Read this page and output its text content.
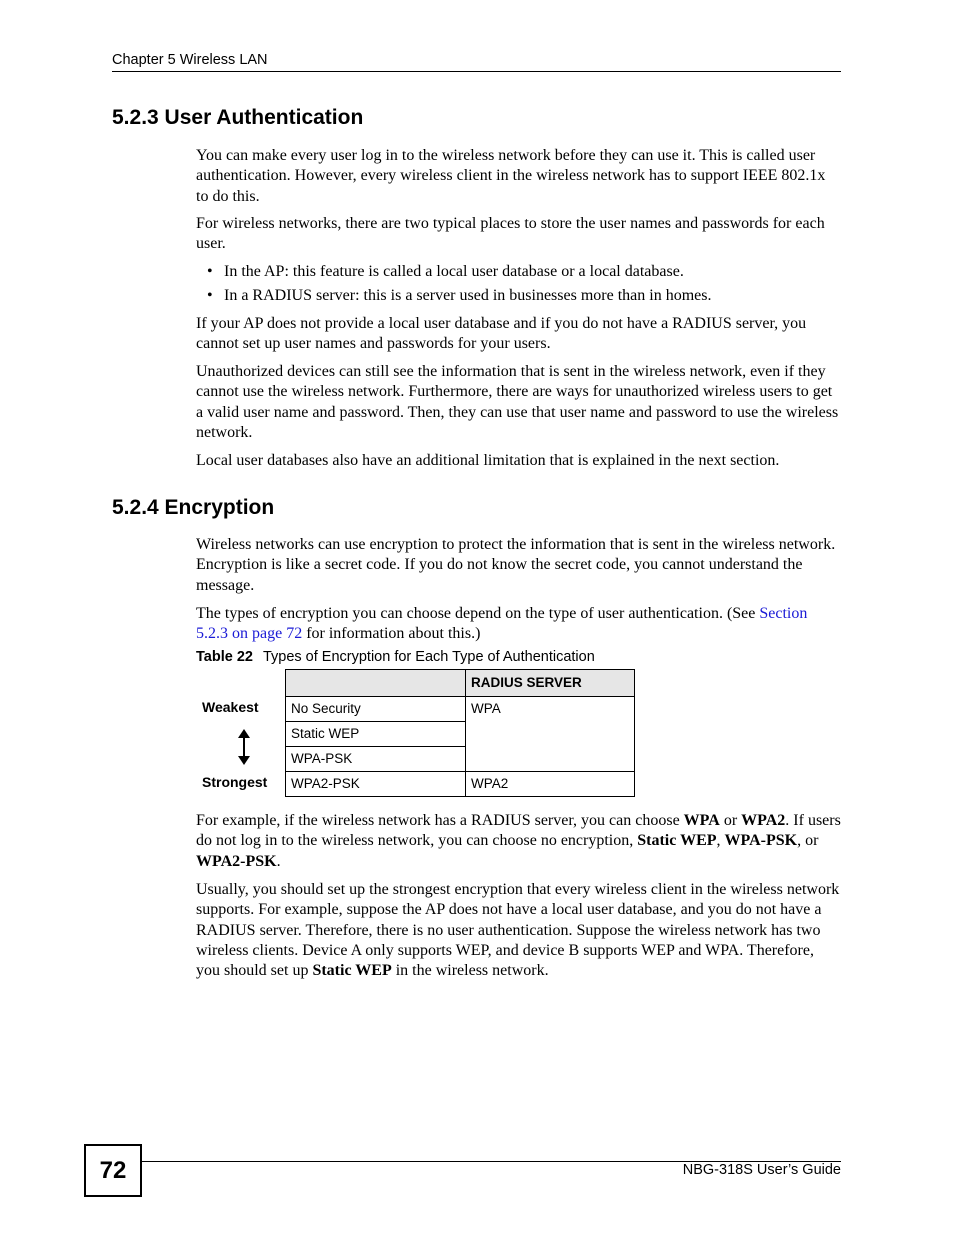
Chapter 5 Wireless LAN
5.2.3 User Authentication

You can make every user log in to the wireless network before they can use it. This is called user authentication. However, every wireless client in the wireless network has to support IEEE 802.1x to do this.

For wireless networks, there are two typical places to store the user names and passwords for each user.

• In the AP: this feature is called a local user database or a local database.
• In a RADIUS server: this is a server used in businesses more than in homes.

If your AP does not provide a local user database and if you do not have a RADIUS server, you cannot set up user names and passwords for your users.

Unauthorized devices can still see the information that is sent in the wireless network, even if they cannot use the wireless network. Furthermore, there are ways for unauthorized wireless users to get a valid user name and password. Then, they can use that user name and password to use the wireless network.

Local user databases also have an additional limitation that is explained in the next section.

5.2.4 Encryption

Wireless networks can use encryption to protect the information that is sent in the wireless network. Encryption is like a secret code. If you do not know the secret code, you cannot understand the message.

The types of encryption you can choose depend on the type of user authentication. (See Section 5.2.3 on page 72 for information about this.)

Table 22 Types of Encryption for Each Type of Authentication
	RADIUS SERVER
No Security	WPA
Static WEP	
WPA-PSK	
WPA2-PSK	WPA2
Weakest
Strongest

For example, if the wireless network has a RADIUS server, you can choose WPA or WPA2. If users do not log in to the wireless network, you can choose no encryption, Static WEP, WPA-PSK, or WPA2-PSK.

Usually, you should set up the strongest encryption that every wireless client in the wireless network supports. For example, suppose the AP does not have a local user database, and you do not have a RADIUS server. Therefore, there is no user authentication. Suppose the wireless network has two wireless clients. Device A only supports WEP, and device B supports WEP and WPA. Therefore, you should set up Static WEP in the wireless network.

72	NBG-318S User’s Guide
